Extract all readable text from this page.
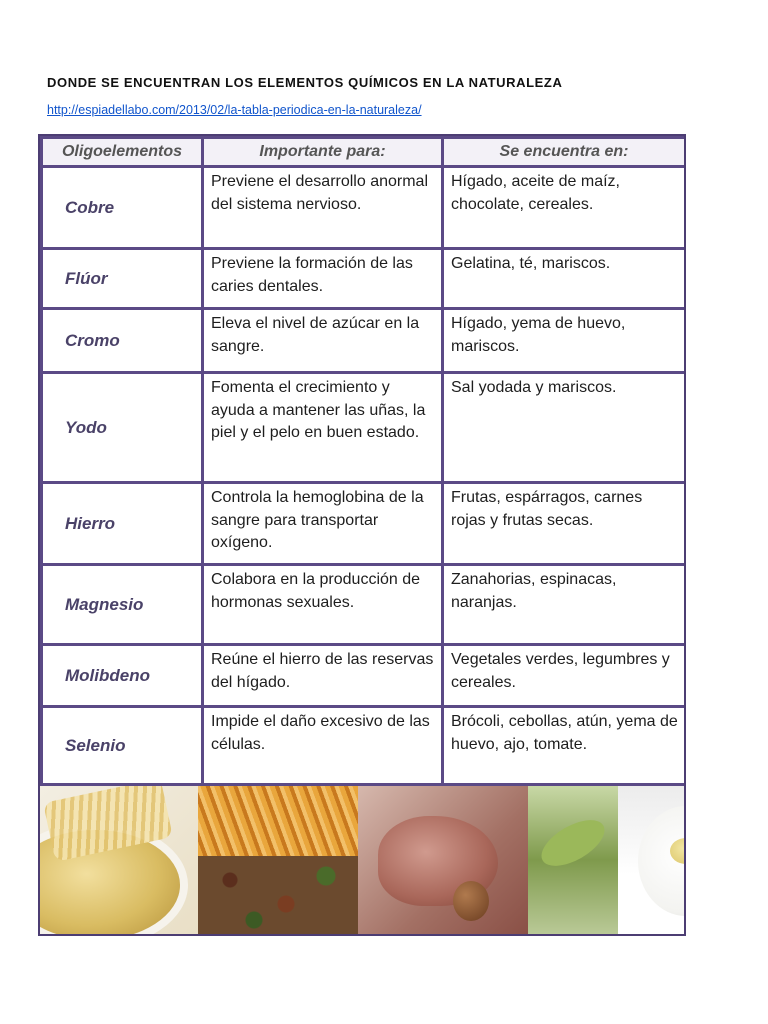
DONDE SE ENCUENTRAN LOS ELEMENTOS QUÍMICOS EN LA NATURALEZA
http://espiadellabo.com/2013/02/la-tabla-periodica-en-la-naturaleza/
Oligoelementos	Importante para:	Se encuentra en:
Cobre	Previene el desarrollo anormal del sistema nervioso.	Hígado, aceite de maíz, chocolate, cereales.
Flúor	Previene la formación de las caries dentales.	Gelatina, té, mariscos.
Cromo	Eleva el nivel de azúcar en la sangre.	Hígado, yema de huevo, mariscos.
Yodo	Fomenta el crecimiento y ayuda a mantener las uñas, la piel y el pelo en buen estado.	Sal yodada y mariscos.
Hierro	Controla la hemoglobina de la sangre para transportar oxígeno.	Frutas, espárragos, carnes rojas y frutas secas.
Magnesio	Colabora en la producción de hormonas sexuales.	Zanahorias, espinacas, naranjas.
Molibdeno	Reúne el hierro de las reservas del hígado.	Vegetales verdes, legumbres y cereales.
Selenio	Impide el daño excesivo de las células.	Brócoli, cebollas, atún, yema de huevo, ajo, tomate.
